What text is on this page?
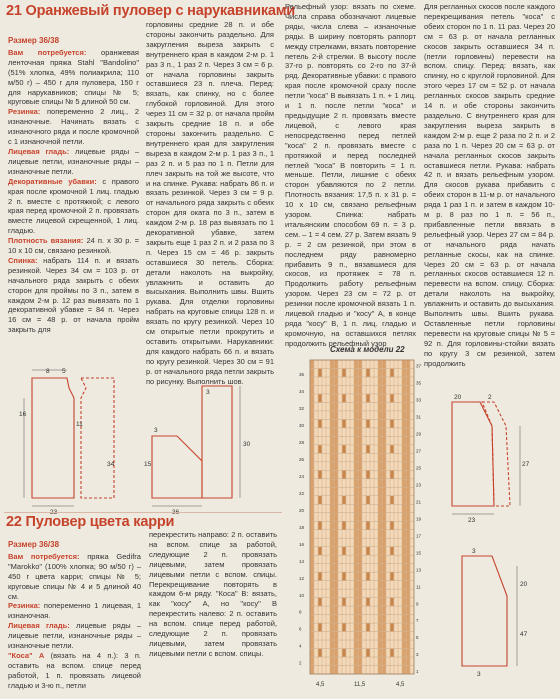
21 Оранжевый пуловер с нарукавниками
Размер 36/38

Вам потребуется: оранжевая ленточная пряжа Stahl "Bandolino" (51% хлопка, 49% полиакрила; 110 м/50 г) – 450 г для пуловера, 150 г для нарукавников; спицы № 5; круговые спицы № 5 длиной 50 см.

Резинка: попеременно 2 лиц., 2 изнаночные. Начинать вязать с изнаночного ряда и после кромочной с 1 изнаночной петли.

Лицевая гладь: лицевые ряды – лицевые петли, изнаночные ряды – изнаночные петли.

Декоративные убавки: с правого края после кромочной 1 лиц. гладью 2 п. вместе с протяжкой; с левого края перед кромочной 2 п. провязать вместе лицевой скрещенной, 1 лиц. гладью.

Плотность вязания: 24 п. х 30 р. = 10 х 10 см, связано резинкой.

Спинка: набрать 114 п. и вязать резинкой. Через 34 см = 103 р. от начального ряда закрыть с обеих сторон для проймы по 3 п., затем в каждом 2-м р. 12 раз вывязать по 1 декоративной убавке = 84 п. Через 16 см = 48 р. от начала пройм закрыть для

горловины средние 28 п. и обе стороны закончить раздельно. Для закругления выреза закрыть с внутреннего края в каждом 2-м р. 1 раз 3 п., 1 раз 2 п. Через 3 см = 6 р. от начала горловины закрыть оставшиеся 23 п. плеча. Перед: вязать, как спинку, но с более глубокой горловиной. Для этого через 11 см = 32 р. от начала пройм закрыть средние 18 п. и обе стороны закончить раздельно. С внутреннего края для закругления выреза в каждом 2-м р. 1 раз 3 п., 1 раз 2 п. и 5 раз по 1 п. Петли для плеч закрыть на той же высоте, что и на спинке. Рукава: набрать 86 п. и вязать резинкой. Через 3 см = 9 р. от начального ряда закрыть с обеих сторон для оката по 3 п., затем в каждом 2-м р. 18 раз вывязать по 1 декоративной убавке, затем закрыть еще 1 раз 2 п. и 2 раза по 3 п. Через 15 см = 46 р. закрыть оставшиеся 30 петель. Сборка: детали наколоть на выкройку, увлажнить и оставить до высыхания. Выполнить швы. Вшить рукава. Для отделки горловины набрать на круговые спицы 128 п. и вязать по кругу резинкой. Через 10 см открытые петли прокрутить и оставить открытыми. Нарукавники: для каждого набрать 66 п. и вязать по кругу резинкой. Через 30 см = 91 р. от начального ряда петли закрыть по рисунку. Выполнить шов.
Рельефный узор: вязать по схеме. Числа справа обозначают лицевые ряды, числа слева – изнаночные ряды. В ширину повторять раппорт между стрелками, вязать повторение петель 2-й стрелки. В высоту после 37-го р. повторять со 2-го по 37-й ряд. Декоративные убавки: с правого края после кромочной сразу после петли "коса" В вывязать 1 п. + 1 лиц. и 1 п. после петли "коса" и предыдущие 2 п. провязать вместе лицевой, с левого края непосредственно перед петлей "коса" 2 п. провязать вместе с протяжкой и перед последней петлей "коса" В повторить = 1 п. меньше. Петли, лишние с обеих сторон убавляются по 2 петли. Плотность вязания: 17,5 п. х 31 р. = 10 х 10 см, связано рельефным узором. Спинка: набрать итальянским способом 69 п. = 3 р. сем. – 1 = 4 сем. 27 р. Затем вязать 9 р. = 2 см резинкой, при этом в последнем ряду равномерно прибавить 9 п., вязавшиеся для скосов, из протяжек = 78 п. Продолжить работу рельефным узором. Через 23 см = 72 р. от резинки после кромочной вязать 1 п. лицевой гладью и "косу" А, в конце ряда "косу" В, 1 п. лиц. гладью и кромочную, на оставшихся петлях продолжить рельефный узор
Для регланных скосов после каждого перекрещивания петель "коса" с обеих сторон по 1 п. 11 раз. Через 20 см = 63 р. от начала регланных скосов закрыть оставшиеся 34 п. (петли горловины) перевести на вспом. спицу. Перед: вязать, как спинку, но с круглой горловиной. Для этого через 17 см = 52 р. от начала регланных скосов закрыть средние 14 п. и обе стороны закончить раздельно. С внутреннего края для закругления выреза закрыть в каждом 2-м р. еще 2 раза по 2 п. и 2 раза по 1 п. Через 20 см = 63 р. от начала регланных скосов закрыть оставшиеся петли. Рукава: набрать 42 п. и вязать рельефным узором. Для скосов рукава прибавить с обеих сторон в 11-м р. от начального ряда 1 раз 1 п. и затем в каждом 10-м р. 8 раз по 1 п. = 56 п., прибавленные петли ввязать в рельефный узор. Через 27 см = 84 р. от начального ряда начать регланные скосы, как на спинке. Через 20 см = 63 р. от начала регланных скосов оставшиеся 12 п. перевести на вспом. спицу. Сборка: детали наколоть на выкройку, увлажнить и оставить до высыхания. Выполнить швы. Вшить рукава. Оставленные петли горловины перевести на круговые спицы № 5 = 92 п. Для горловины-стойки вязать по кругу 3 см резинкой, затем продолжить
8 5
16
11
34
3
15
3
30
22 Пуловер цвета карри
Размер 36/38

Вам потребуется: пряжа Gedifra "Marokko" (100% хлопка; 90 м/50 г) – 450 г цвета карри; спицы № 5; круговые спицы № 4 и 5 длиной 40 см.

Резинка: попеременно 1 лицевая, 1 изнаночная.

Лицевая гладь: лицевые ряды – лицевые петли, изнаночные ряды – изнаночные петли.

"Коса" А (вязать на 4 п.): 3 п. оставить на вспом. спице перед работой, 1 п. провязать лицевой гладью и 3-ю п., петли

перекрестить направо: 2 п. оставить на вспом. спице за работой, следующие 2 п. провязать лицевыми, затем провязать лицевыми петли с вспом. спицы. Перекрещивание повторять в каждом 6-м ряду. "Коса" В: вязать, как "косу" А, но "косу" В перекрестить налево: 2 п. оставить на вспом. спице перед работой, следующие 2 п. провязать лицевыми, затем провязать лицевыми петли с вспом. спицы.
Схема к модели 22
37
35
33
31
29
27
25
23
21
19
17
15
13
11
9
7
5
3
1
36
34
32
30
28
26
24
22
20
18
16
14
12
10
8
6
4
2
4,5	11,5	4,5
20	2
23
27
3
20
47
3
